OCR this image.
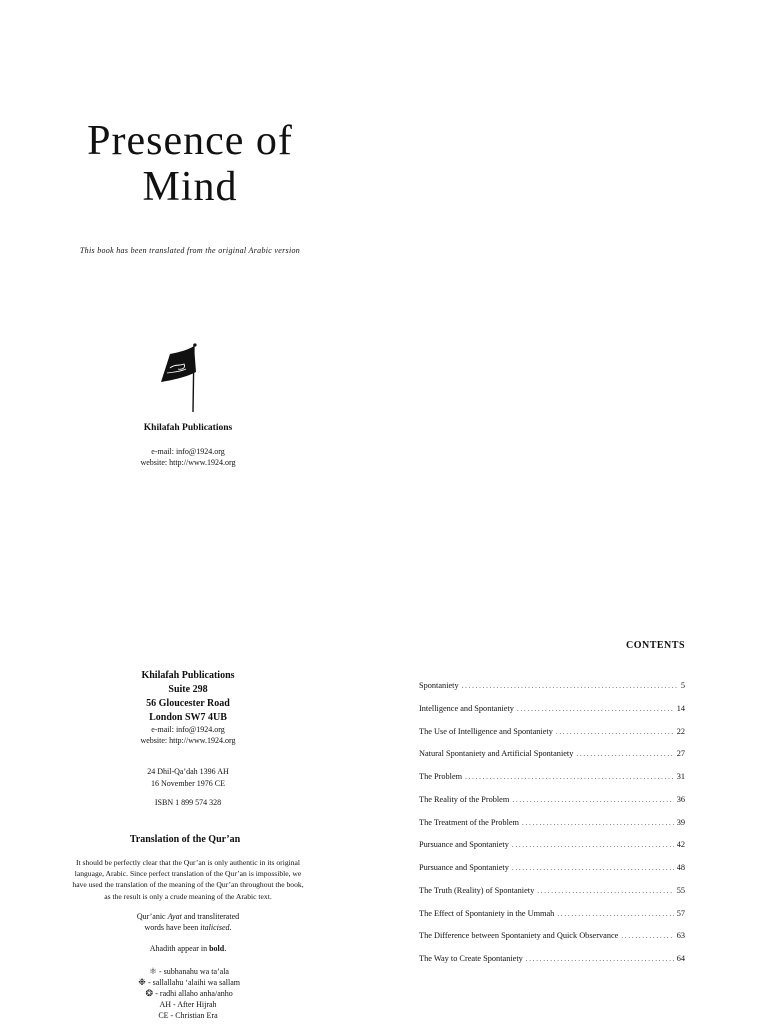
Presence of
Mind
This book has been translated from the original Arabic version
Khilafah Publications
e-mail: info@1924.org
website: http://www.1924.org
CONTENTS
Spontaniety . . .	5
Intelligence and Spontaniety . . .	14
The Use of Intelligence and Spontaniety . . .	22
Natural Spontaniety and Artificial Spontaniety . . .	27
The Problem . . .	31
The Reality of the Problem . . .	36
The Treatment of the Problem . . .	39
Pursuance and Spontaniety . . .	42
Pursuance and Spontaniety . . .	48
The Truth (Reality) of Spontaniety . . .	55
The Effect of Spontaniety in the Ummah . . .	57
The Difference between Spontaniety and Quick Observance . . .	63
The Way to Create Spontaniety . . .	64
Khilafah Publications
Suite 298
56 Gloucester Road
London SW7 4UB
e-mail: info@1924.org
website: http://www.1924.org
24 Dhil-Qa’dah 1396 AH
16 November 1976 CE
ISBN 1 899 574 328
Translation of the Qur’an
It should be perfectly clear that the Qur’an is only authentic in its original
language, Arabic. Since perfect translation of the Qur’an is impossible, we
have used the translation of the meaning of the Qur’an throughout the book,
as the result is only a crude meaning of the Arabic text.
Qur’anic Ayat and transliterated
words have been italicised.
Ahadith appear in bold.
⚛ - subhanahu wa ta’ala
❉ - sallallahu ‘alaihi wa sallam
❂ - radhi allaho anha/anho
AH - After Hijrah
CE - Christian Era
